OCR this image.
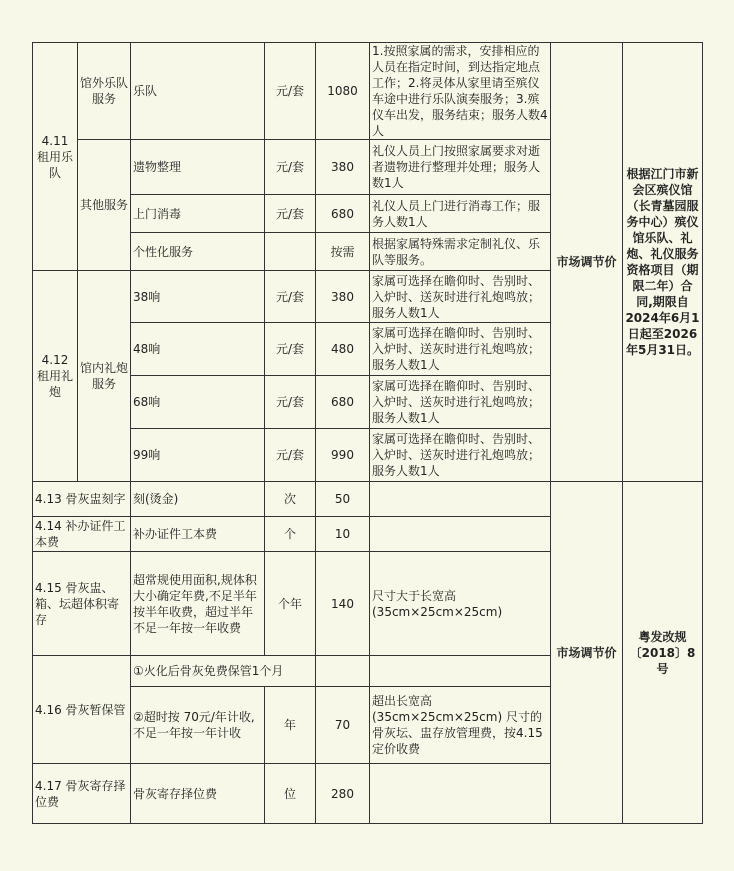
4.11 租用乐队	馆外乐队服务	乐队	元/套	1080	1.按照家属的需求，安排相应的人员在指定时间，到达指定地点工作；2.将灵体从家里请至殡仪车途中进行乐队演奏服务；3.殡仪车出发，服务结束；服务人数4人	市场调节价	根据江门市新会区殡仪馆（长青墓园服务中心）殡仪馆乐队、礼炮、礼仪服务资格项目（期限二年）合同,期限自2024年6月1日起至2026年5月31日。
	其他服务	遗物整理	元/套	380	礼仪人员上门按照家属要求对逝者遗物进行整理并处理；服务人数1人		
		上门消毒	元/套	680	礼仪人员上门进行消毒工作；服务人数1人		
		个性化服务		按需	根据家属特殊需求定制礼仪、乐队等服务。		
4.12 租用礼炮	馆内礼炮服务	38响	元/套	380	家属可选择在瞻仰时、告别时、入炉时、送灰时进行礼炮鸣放；服务人数1人		
		48响	元/套	480	家属可选择在瞻仰时、告别时、入炉时、送灰时进行礼炮鸣放；服务人数1人		
		68响	元/套	680	家属可选择在瞻仰时、告别时、入炉时、送灰时进行礼炮鸣放；服务人数1人		
		99响	元/套	990	家属可选择在瞻仰时、告别时、入炉时、送灰时进行礼炮鸣放；服务人数1人		
4.13 骨灰盅刻字		刻(烫金)	次	50		市场调节价	粤发改规〔2018〕8号
4.14 补办证件工本费		补办证件工本费	个	10			
4.15 骨灰盅、箱、坛超体积寄存		超常规使用面积,规体积大小确定年费,不足半年按半年收费，超过半年不足一年按一年收费	个年	140	尺寸大于长宽高(35cm×25cm×25cm)		
4.16 骨灰暂保管		①火化后骨灰免费保管1个月					
		②超时按 70元/年计收,不足一年按一年计收	年	70	超出长宽高(35cm×25cm×25cm) 尺寸的骨灰坛、盅存放管理费，按4.15定价收费		
4.17 骨灰寄存择位费		骨灰寄存择位费	位	280			
